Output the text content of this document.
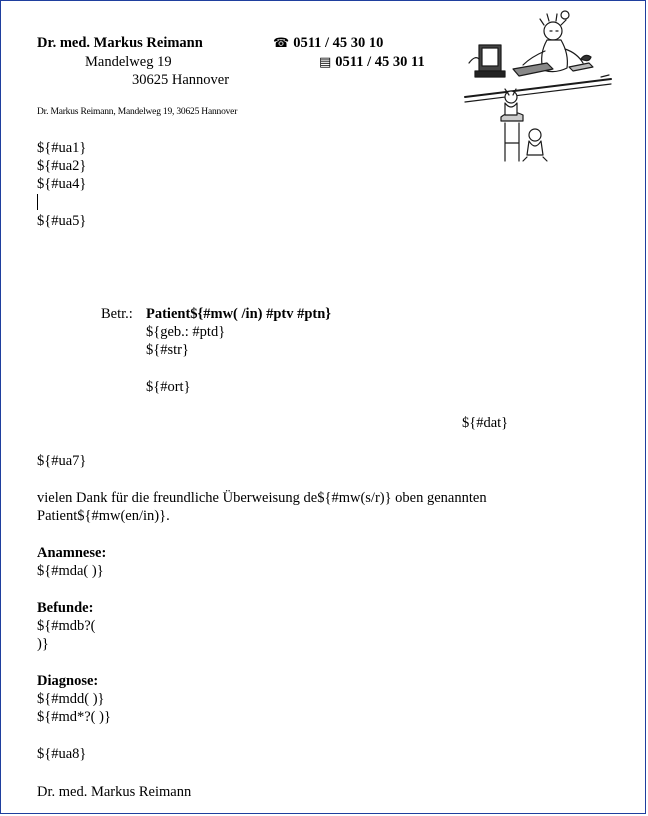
Dr. med. Markus Reimann
Mandelweg 19
30625 Hannover
☎ 0511 / 45 30 10
▤ 0511 / 45 30 11
Dr. Markus Reimann, Mandelweg 19, 30625 Hannover
${#ua1}
${#ua2}
${#ua4}
${#ua5}
Betr.: Patient${#mw( /in) #ptv #ptn}
${geb.: #ptd}
${#str}
${#ort}
${#dat}
${#ua7}
vielen Dank für die freundliche Überweisung de${#mw(s/r)} oben genannten
Patient${#mw(en/in)}.
Anamnese:
${#mda( )}
Befunde:
${#mdb?(
)}
Diagnose:
${#mdd( )}
${#md*?( )}
${#ua8}
Dr. med. Markus Reimann
